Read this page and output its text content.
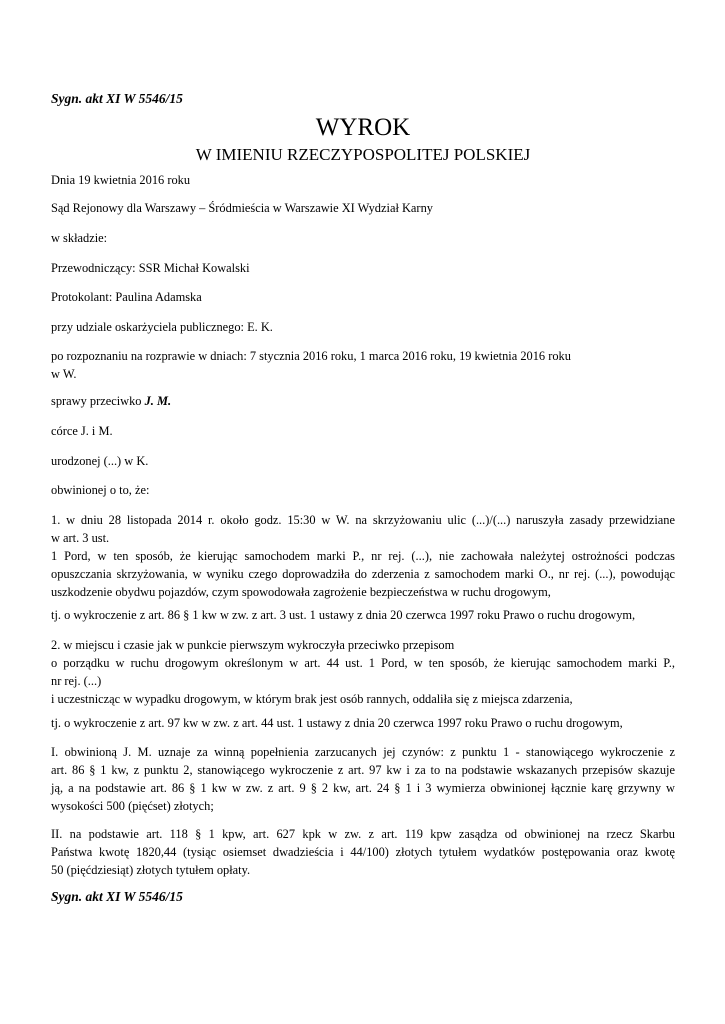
Sygn. akt XI W 5546/15
WYROK
W IMIENIU RZECZYPOSPOLITEJ POLSKIEJ
Dnia 19 kwietnia 2016 roku
Sąd Rejonowy dla Warszawy – Śródmieścia w Warszawie XI Wydział Karny
w składzie:
Przewodniczący: SSR Michał Kowalski
Protokolant: Paulina Adamska
przy udziale oskarżyciela publicznego: E. K.
po rozpoznaniu na rozprawie w dniach: 7 stycznia 2016 roku, 1 marca 2016 roku, 19 kwietnia 2016 roku
w W.
sprawy przeciwko J. M.
córce J. i M.
urodzonej (...) w K.
obwinionej o to, że:
1. w dniu 28 listopada 2014 r. około godz. 15:30 w W. na skrzyżowaniu ulic (...)/(...) naruszyła zasady przewidziane
w art. 3 ust.
1 Pord, w ten sposób, że kierując samochodem marki P., nr rej. (...), nie zachowała należytej ostrożności podczas
opuszczania skrzyżowania, w wyniku czego doprowadziła do zderzenia z samochodem marki O., nr rej. (...), powodując
uszkodzenie obydwu pojazdów, czym spowodowała zagrożenie bezpieczeństwa w ruchu drogowym,
tj. o wykroczenie z art. 86 § 1 kw w zw. z art. 3 ust. 1 ustawy z dnia 20 czerwca 1997 roku Prawo o ruchu drogowym,
2. w miejscu i czasie jak w punkcie pierwszym wykroczyła przeciwko przepisom
o porządku w ruchu drogowym określonym w art. 44 ust. 1 Pord, w ten sposób, że kierując samochodem marki P.,
nr rej. (...)
i uczestnicząc w wypadku drogowym, w którym brak jest osób rannych, oddaliła się z miejsca zdarzenia,
tj. o wykroczenie z art. 97 kw w zw. z art. 44 ust. 1 ustawy z dnia 20 czerwca 1997 roku Prawo o ruchu drogowym,
I. obwinioną J. M. uznaje za winną popełnienia zarzucanych jej czynów: z punktu 1 - stanowiącego wykroczenie z
art. 86 § 1 kw, z punktu 2, stanowiącego wykroczenie z art. 97 kw i za to na podstawie wskazanych przepisów skazuje
ją, a na podstawie art. 86 § 1 kw w zw. z art. 9 § 2 kw, art. 24 § 1 i 3 wymierza obwinionej łącznie karę grzywny w
wysokości 500 (pięćset) złotych;
II. na podstawie art. 118 § 1 kpw, art. 627 kpk w zw. z art. 119 kpw zasądza od obwinionej na rzecz Skarbu
Państwa kwotę 1820,44 (tysiąc osiemset dwadzieścia i 44/100) złotych tytułem wydatków postępowania oraz kwotę
50 (pięćdziesiąt) złotych tytułem opłaty.
Sygn. akt XI W 5546/15
